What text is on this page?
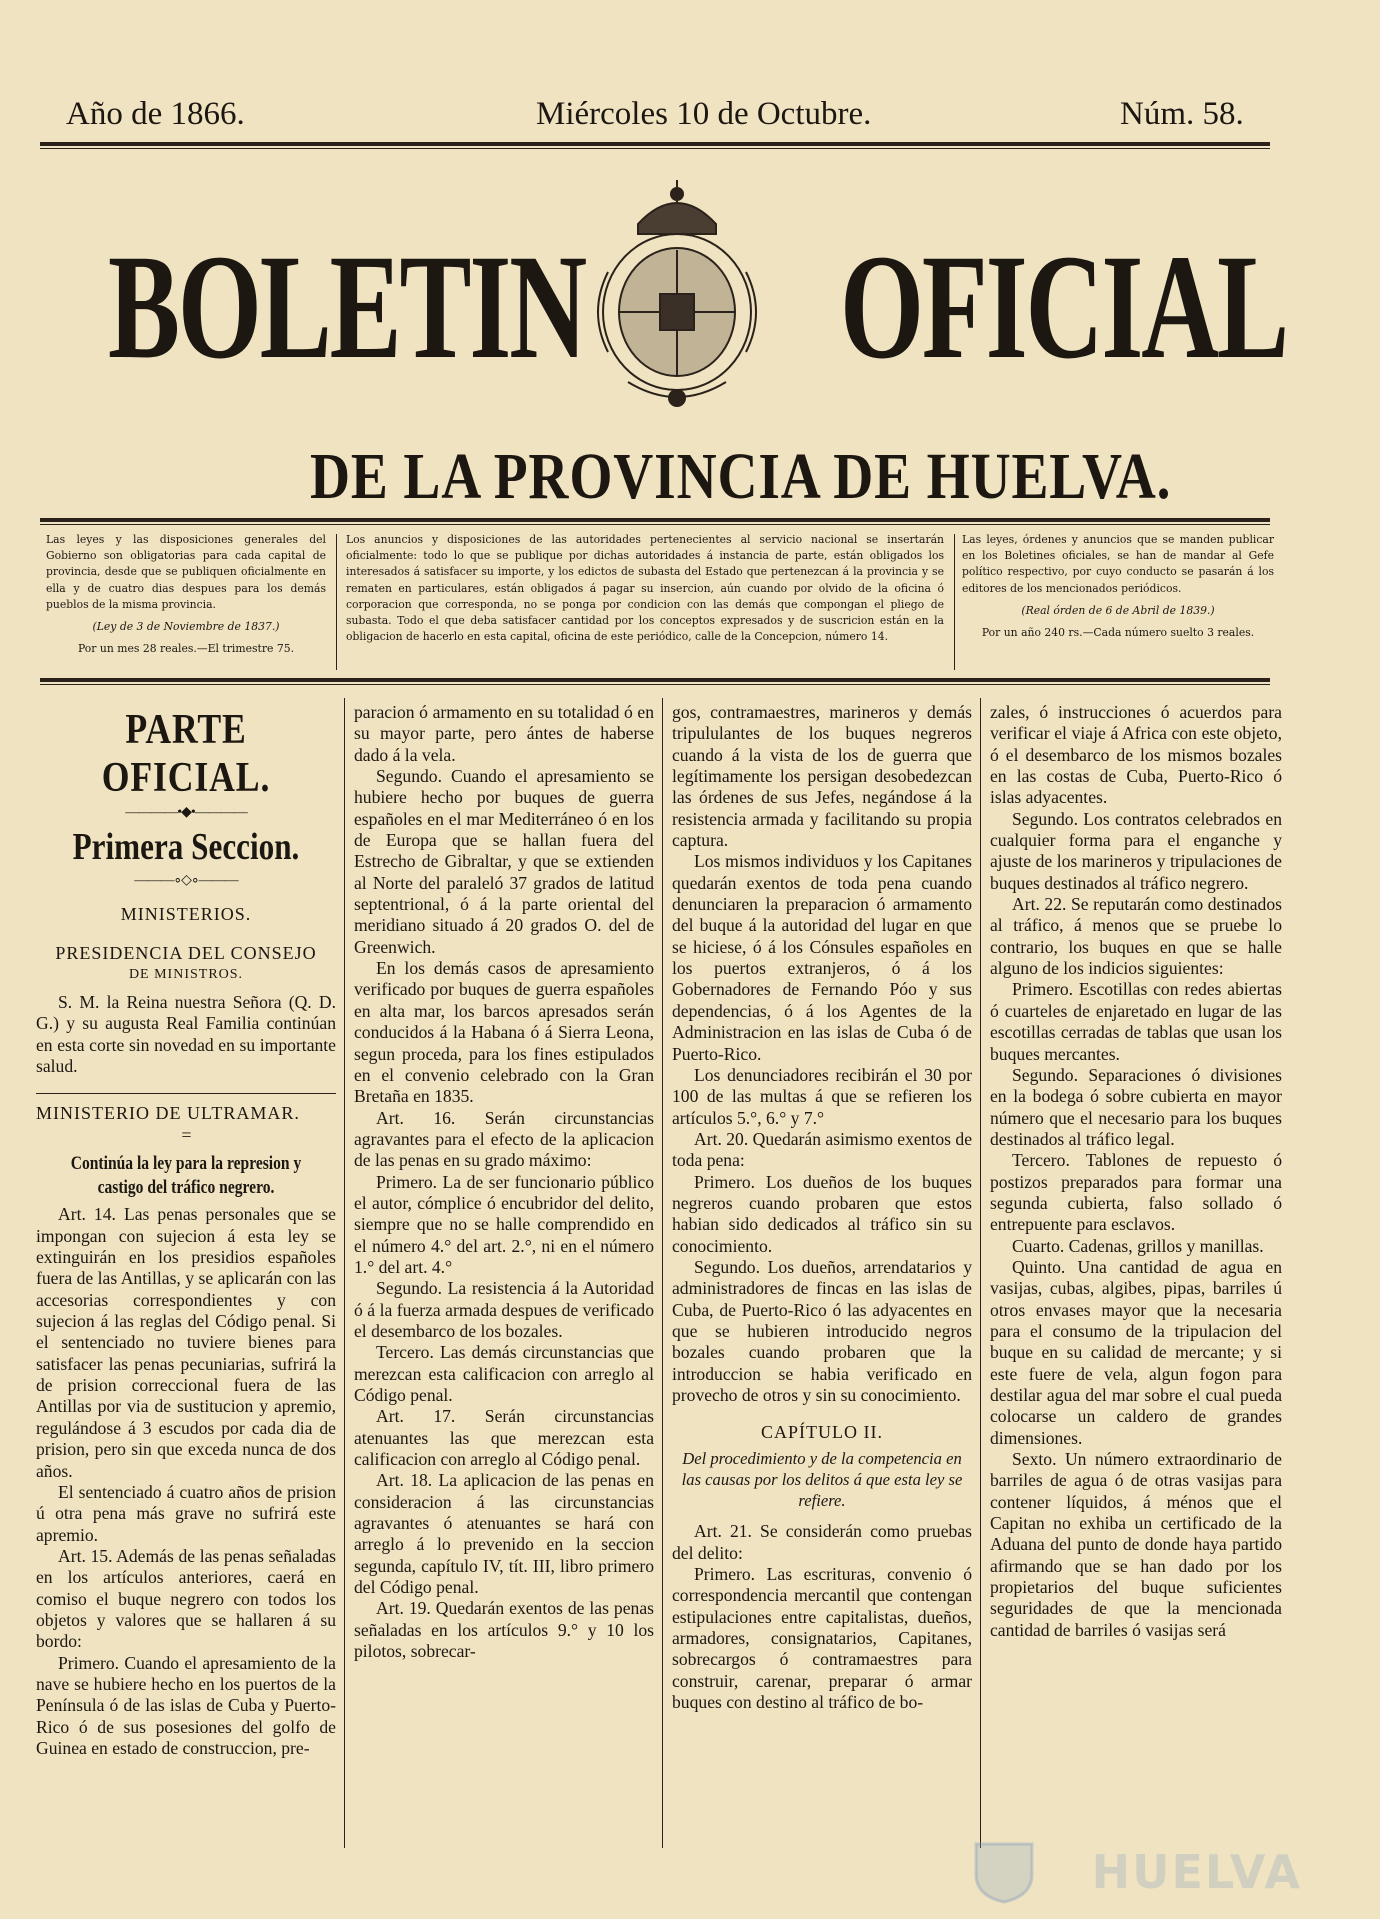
Año de 1866.	Miércoles 10 de Octubre.	Núm. 58.
BOLETIN OFICIAL
DE LA PROVINCIA DE HUELVA.
Las leyes y las disposiciones generales del Gobierno son obligatorias para cada capital de provincia, desde que se publiquen oficialmente en ella y de cuatro dias despues para los demás pueblos de la misma provincia.
(Ley de 3 de Noviembre de 1837.)
Por un mes 28 reales.—El trimestre 75.
Los anuncios y disposiciones de las autoridades pertenecientes al servicio nacional se insertarán oficialmente: todo lo que se publique por dichas autoridades á instancia de parte, están obligados los interesados á satisfacer su importe, y los edictos de subasta del Estado que pertenezcan á la provincia y se rematen en particulares, están obligados á pagar su insercion, aún cuando por olvido de la oficina ó corporacion que corresponda, no se ponga por condicion con las demás que compongan el pliego de subasta. Todo el que deba satisfacer cantidad por los conceptos expresados y de suscricion están en la obligacion de hacerlo en esta capital, oficina de este periódico, calle de la Concepcion, número 14.
Las leyes, órdenes y anuncios que se manden publicar en los Boletines oficiales, se han de mandar al Gefe político respectivo, por cuyo conducto se pasarán á los editores de los mencionados periódicos.
(Real órden de 6 de Abril de 1839.)
Por un año 240 rs.—Cada número suelto 3 reales.
PARTE OFICIAL.
————•◆•————
Primera Seccion.
———∘◇∘———
MINISTERIOS.
PRESIDENCIA DEL CONSEJO
DE MINISTROS.

S. M. la Reina nuestra Señora (Q. D. G.) y su augusta Real Familia continúan en esta corte sin novedad en su importante salud.

MINISTERIO DE ULTRAMAR.
=
Continúa la ley para la represion y castigo del tráfico negrero.

Art. 14. Las penas personales que se impongan con sujecion á esta ley se extinguirán en los presidios españoles fuera de las Antillas, y se aplicarán con las accesorias correspondientes y con sujecion á las reglas del Código penal. Si el sentenciado no tuviere bienes para satisfacer las penas pecuniarias, sufrirá la de prision correccional fuera de las Antillas por via de sustitucion y apremio, regulándose á 3 escudos por cada dia de prision, pero sin que exceda nunca de dos años.

El sentenciado á cuatro años de prision ú otra pena más grave no sufrirá este apremio.

Art. 15. Además de las penas señaladas en los artículos anteriores, caerá en comiso el buque negrero con todos los objetos y valores que se hallaren á su bordo:

Primero. Cuando el apresamiento de la nave se hubiere hecho en los puertos de la Península ó de las islas de Cuba y Puerto-Rico ó de sus posesiones del golfo de Guinea en estado de construccion, pre-

paracion ó armamento en su totalidad ó en su mayor parte, pero ántes de haberse dado á la vela.

Segundo. Cuando el apresamiento se hubiere hecho por buques de guerra españoles en el mar Mediterráneo ó en los de Europa que se hallan fuera del Estrecho de Gibraltar, y que se extienden al Norte del paraleló 37 grados de latitud septentrional, ó á la parte oriental del meridiano situado á 20 grados O. del de Greenwich.

En los demás casos de apresamiento verificado por buques de guerra españoles en alta mar, los barcos apresados serán conducidos á la Habana ó á Sierra Leona, segun proceda, para los fines estipulados en el convenio celebrado con la Gran Bretaña en 1835.

Art. 16. Serán circunstancias agravantes para el efecto de la aplicacion de las penas en su grado máximo:

Primero. La de ser funcionario público el autor, cómplice ó encubridor del delito, siempre que no se halle comprendido en el número 4.° del art. 2.°, ni en el número 1.° del art. 4.°

Segundo. La resistencia á la Autoridad ó á la fuerza armada despues de verificado el desembarco de los bozales.

Tercero. Las demás circunstancias que merezcan esta calificacion con arreglo al Código penal.

Art. 17. Serán circunstancias atenuantes las que merezcan esta calificacion con arreglo al Código penal.

Art. 18. La aplicacion de las penas en consideracion á las circunstancias agravantes ó atenuantes se hará con arreglo á lo prevenido en la seccion segunda, capítulo IV, tít. III, libro primero del Código penal.

Art. 19. Quedarán exentos de las penas señaladas en los artículos 9.° y 10 los pilotos, sobrecar-

gos, contramaestres, marineros y demás tripululantes de los buques negreros cuando á la vista de los de guerra que legítimamente los persigan desobedezcan las órdenes de sus Jefes, negándose á la resistencia armada y facilitando su propia captura.

Los mismos individuos y los Capitanes quedarán exentos de toda pena cuando denunciaren la preparacion ó armamento del buque á la autoridad del lugar en que se hiciese, ó á los Cónsules españoles en los puertos extranjeros, ó á los Gobernadores de Fernando Póo y sus dependencias, ó á los Agentes de la Administracion en las islas de Cuba ó de Puerto-Rico.

Los denunciadores recibirán el 30 por 100 de las multas á que se refieren los artículos 5.°, 6.° y 7.°

Art. 20. Quedarán asimismo exentos de toda pena:

Primero. Los dueños de los buques negreros cuando probaren que estos habian sido dedicados al tráfico sin su conocimiento.

Segundo. Los dueños, arrendatarios y administradores de fincas en las islas de Cuba, de Puerto-Rico ó las adyacentes en que se hubieren introducido negros bozales cuando probaren que la introduccion se habia verificado en provecho de otros y sin su conocimiento.

CAPÍTULO II.
Del procedimiento y de la competencia en las causas por los delitos á que esta ley se refiere.

Art. 21. Se considerán como pruebas del delito:

Primero. Las escrituras, convenio ó correspondencia mercantil que contengan estipulaciones entre capitalistas, dueños, armadores, consignatarios, Capitanes, sobrecargos ó contramaestres para construir, carenar, preparar ó armar buques con destino al tráfico de bo-

zales, ó instrucciones ó acuerdos para verificar el viaje á Africa con este objeto, ó el desembarco de los mismos bozales en las costas de Cuba, Puerto-Rico ó islas adyacentes.

Segundo. Los contratos celebrados en cualquier forma para el enganche y ajuste de los marineros y tripulaciones de buques destinados al tráfico negrero.

Art. 22. Se reputarán como destinados al tráfico, á menos que se pruebe lo contrario, los buques en que se halle alguno de los indicios siguientes:

Primero. Escotillas con redes abiertas ó cuarteles de enjaretado en lugar de las escotillas cerradas de tablas que usan los buques mercantes.

Segundo. Separaciones ó divisiones en la bodega ó sobre cubierta en mayor número que el necesario para los buques destinados al tráfico legal.

Tercero. Tablones de repuesto ó postizos preparados para formar una segunda cubierta, falso sollado ó entrepuente para esclavos.

Cuarto. Cadenas, grillos y manillas.

Quinto. Una cantidad de agua en vasijas, cubas, algibes, pipas, barriles ú otros envases mayor que la necesaria para el consumo de la tripulacion del buque en su calidad de mercante; y si este fuere de vela, algun fogon para destilar agua del mar sobre el cual pueda colocarse un caldero de grandes dimensiones.

Sexto. Un número extraordinario de barriles de agua ó de otras vasijas para contener líquidos, á ménos que el Capitan no exhiba un certificado de la Aduana del punto de donde haya partido afirmando que se han dado por los propietarios del buque suficientes seguridades de que la mencionada cantidad de barriles ó vasijas será

HUELVA
